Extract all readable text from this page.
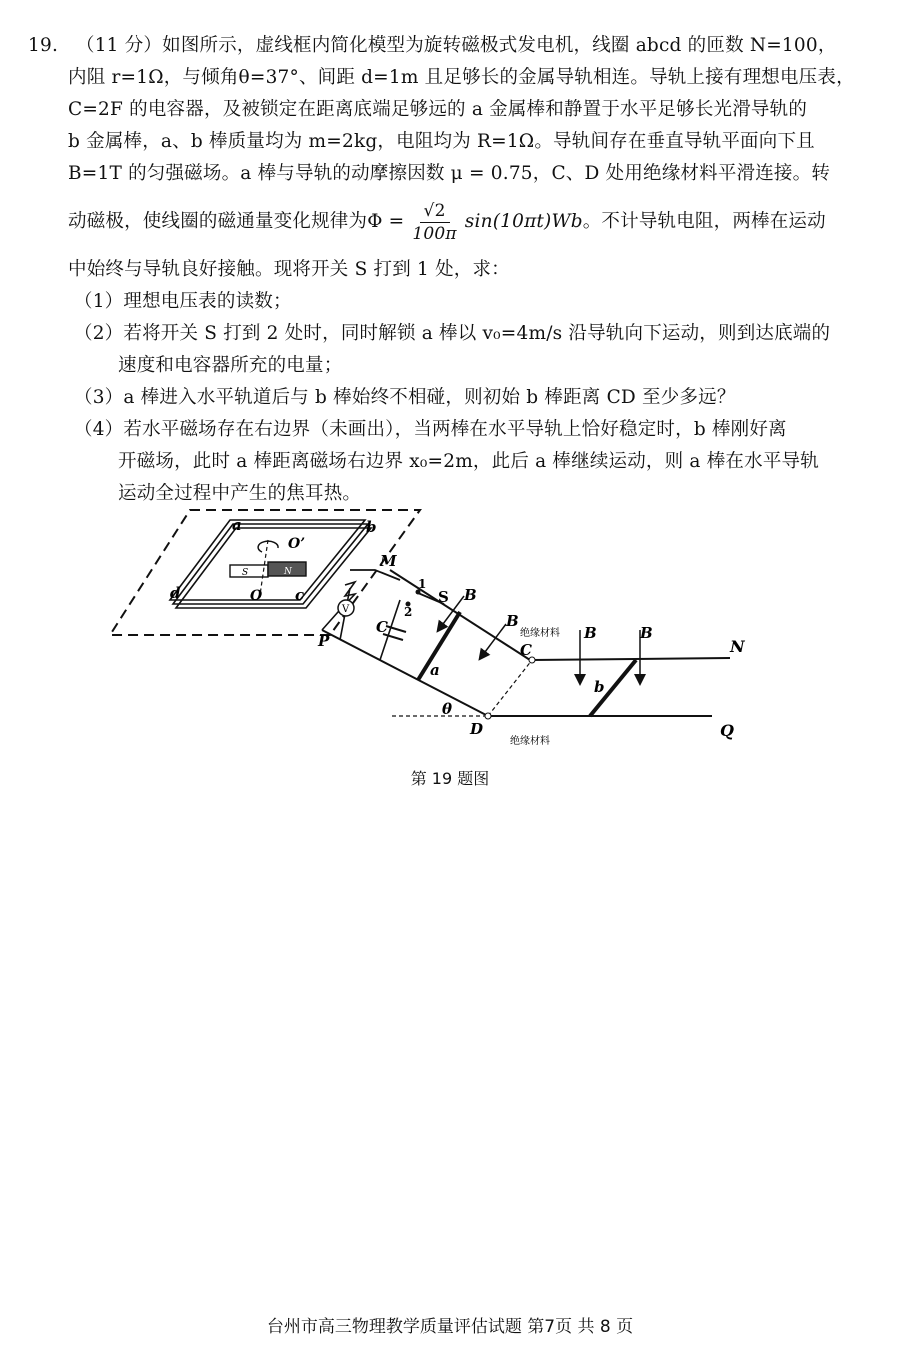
19. （11 分）如图所示，虚线框内简化模型为旋转磁极式发电机，线圈 abcd 的匝数 N=100，
内阻 r=1Ω，与倾角θ=37°、间距 d=1m 且足够长的金属导轨相连。导轨上接有理想电压表，
C=2F 的电容器，及被锁定在距离底端足够远的 a 金属棒和静置于水平足够长光滑导轨的
b 金属棒，a、b 棒质量均为 m=2kg，电阻均为 R=1Ω。导轨间存在垂直导轨平面向下且
B=1T 的匀强磁场。a 棒与导轨的动摩擦因数 μ = 0.75，C、D 处用绝缘材料平滑连接。转
动磁极，使线圈的磁通量变化规律为 $\Phi = \frac{√2}{100\pi} \sin(10\pi t)Wb$ 。不计导轨电阻，两棒在运动
中始终与导轨良好接触。现将开关 S 打到 1 处，求：
（1）理想电压表的读数；
（2）若将开关 S 打到 2 处时，同时解锁 a 棒以 v₀=4m/s 沿导轨向下运动，则到达底端的
速度和电容器所充的电量；
（3）a 棒进入水平轨道后与 b 棒始终不相碰，则初始 b 棒距离 CD 至少多远？
（4）若水平磁场存在右边界（未画出），当两棒在水平导轨上恰好稳定时，b 棒刚好离
开磁场，此时 a 棒距离磁场右边界 x₀=2m，此后 a 棒继续运动，则 a 棒在水平导轨
运动全过程中产生的焦耳热。
a	b
c
d	O
O’
S	N
M
P
V
1
2
S
C
B
B
B	B
绝缘材料
C
a
b
θ
D
绝缘材料
N
Q
第 19 题图
台州市高三物理教学质量评估试题 第7页 共 8 页
